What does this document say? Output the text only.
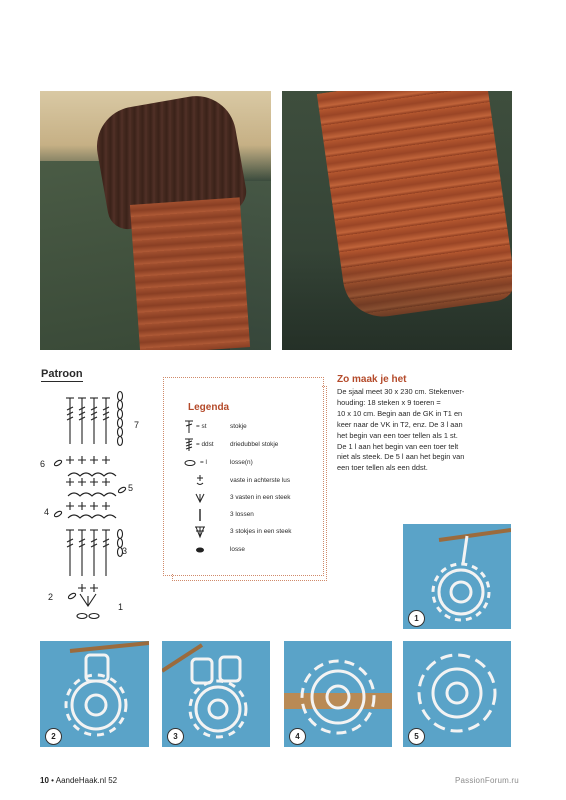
Patroon
7
6
5
4
3
2
1
Legenda
= st	stokje
= ddst	driedubbel stokje
= l	losse(n)
vaste in achterste lus
3 vasten in een steek
3 lossen
3 stokjes in een steek
losse
Zo maak je het
De sjaal meet 30 x 230 cm. Stekenver-
houding: 18 steken x 9 toeren =
10 x 10 cm. Begin aan de GK in T1 en
keer naar de VK in T2, enz. De 3 l aan
het begin van een toer tellen als 1 st.
De 1 l aan het begin van een toer telt
niet als steek. De 5 l aan het begin van
een toer tellen als een ddst.
1
2	3	4	5
10 • AandeHaak.nl 52	PassionForum.ru
